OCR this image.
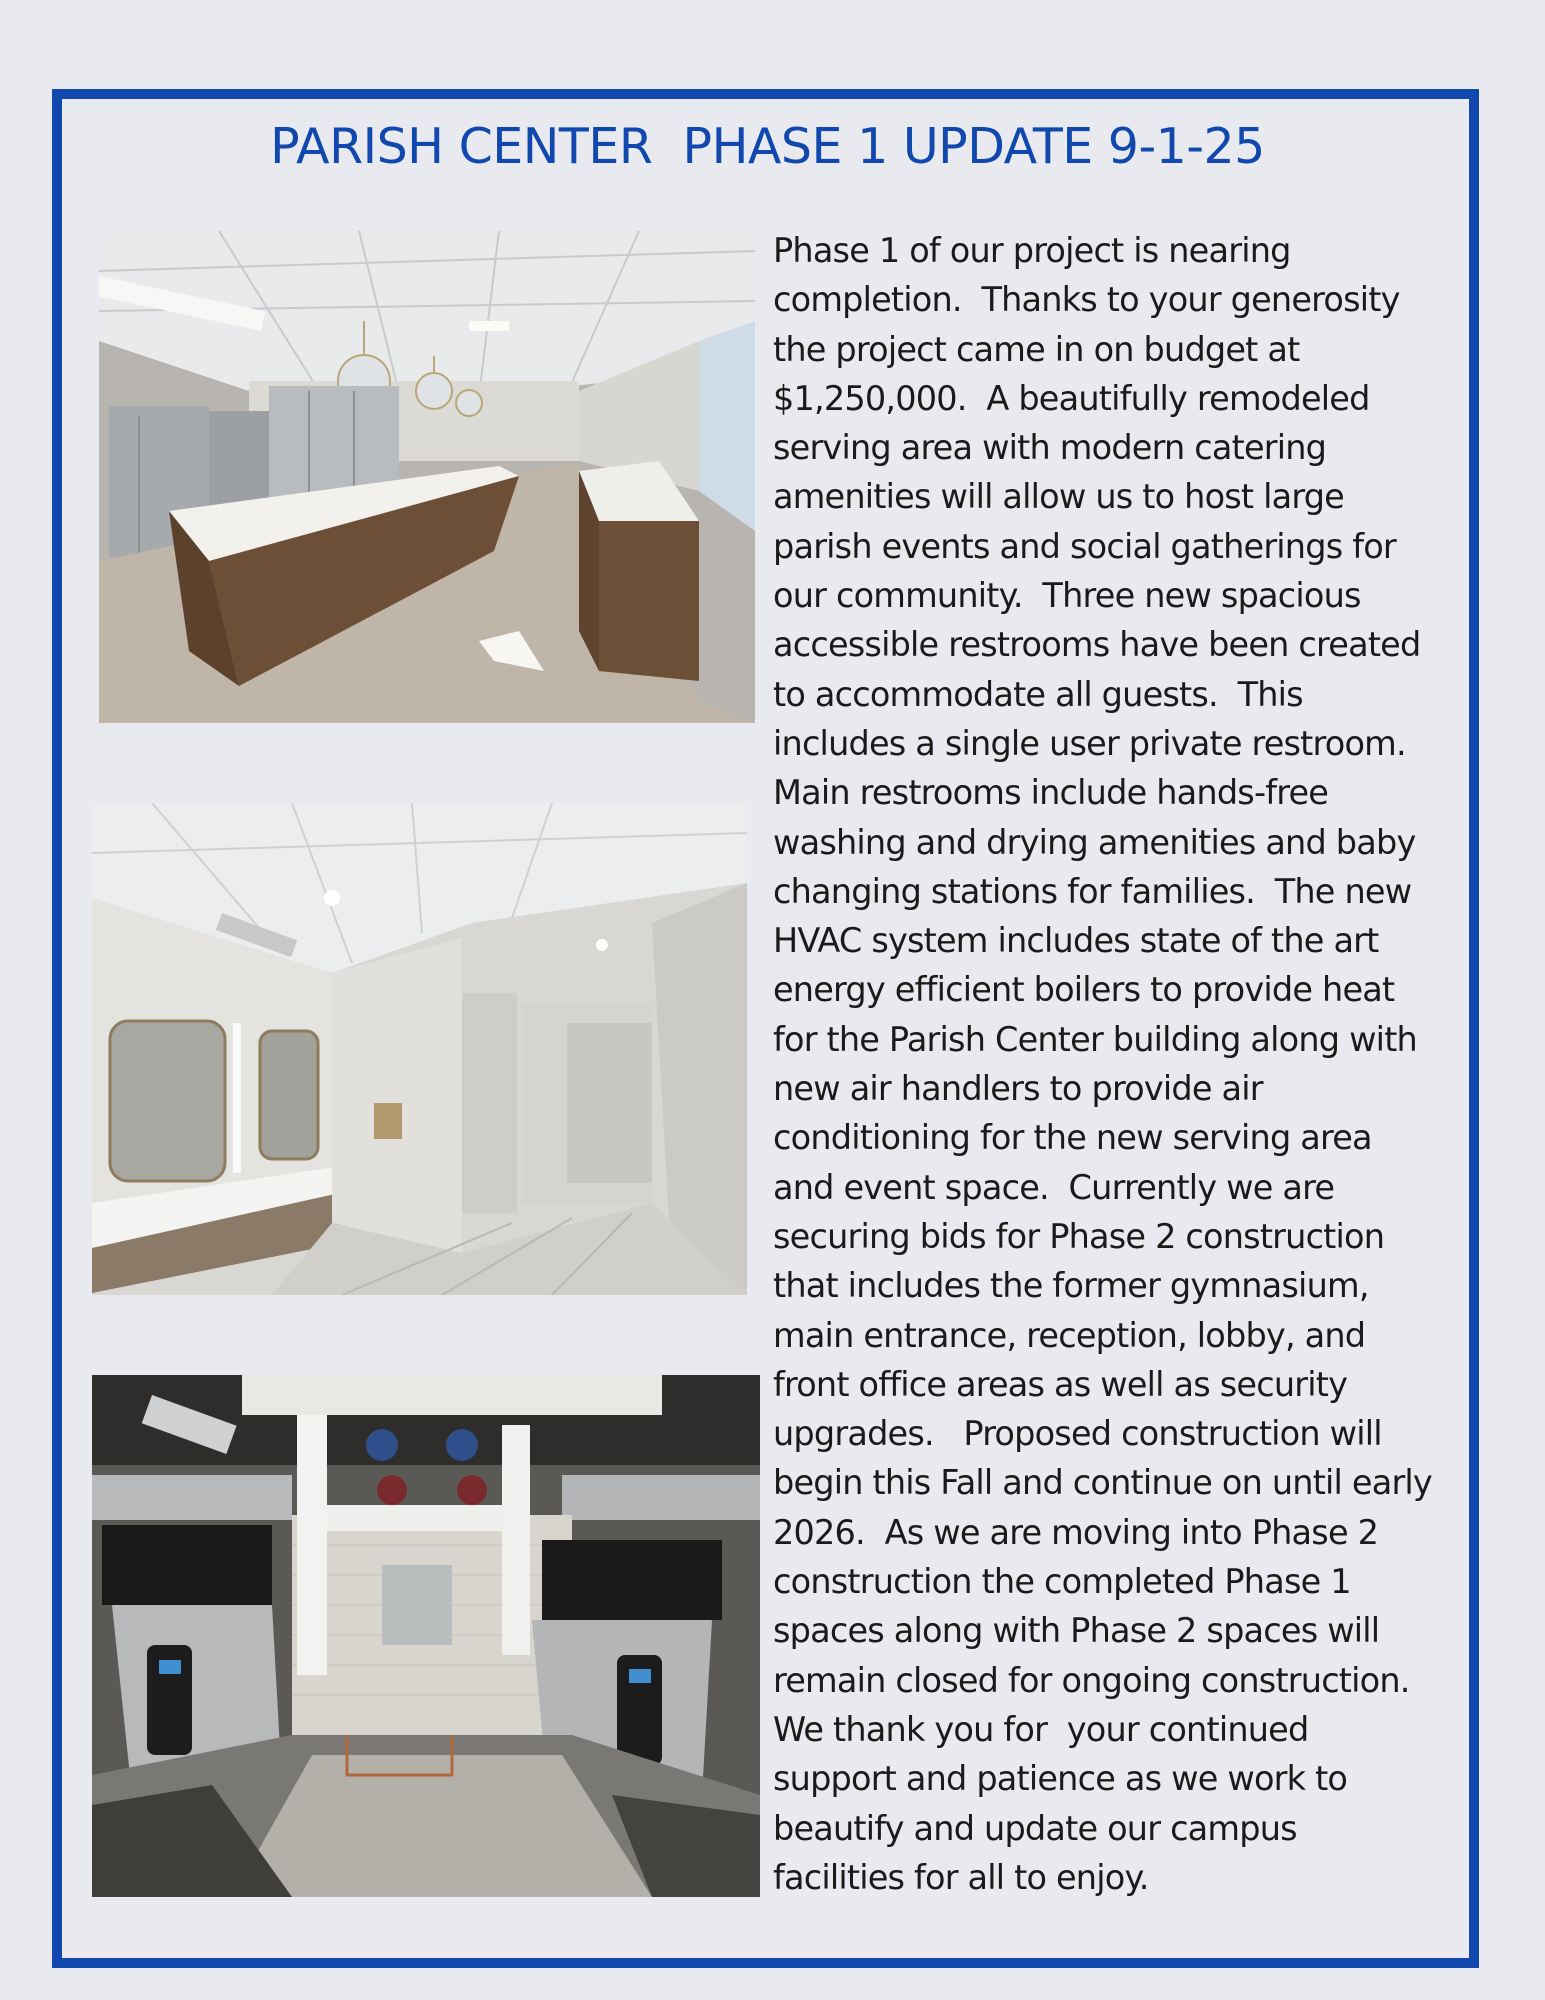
PARISH CENTER  PHASE 1 UPDATE 9-1-25
Phase 1 of our project is nearing
completion.  Thanks to your generosity
the project came in on budget at
$1,250,000.  A beautifully remodeled
serving area with modern catering
amenities will allow us to host large
parish events and social gatherings for
our community.  Three new spacious
accessible restrooms have been created
to accommodate all guests.  This
includes a single user private restroom.
Main restrooms include hands-free
washing and drying amenities and baby
changing stations for families.  The new
HVAC system includes state of the art
energy efficient boilers to provide heat
for the Parish Center building along with
new air handlers to provide air
conditioning for the new serving area
and event space.  Currently we are
securing bids for Phase 2 construction
that includes the former gymnasium,
main entrance, reception, lobby, and
front office areas as well as security
upgrades.   Proposed construction will
begin this Fall and continue on until early
2026.  As we are moving into Phase 2
construction the completed Phase 1
spaces along with Phase 2 spaces will
remain closed for ongoing construction.
We thank you for  your continued
support and patience as we work to
beautify and update our campus
facilities for all to enjoy.
